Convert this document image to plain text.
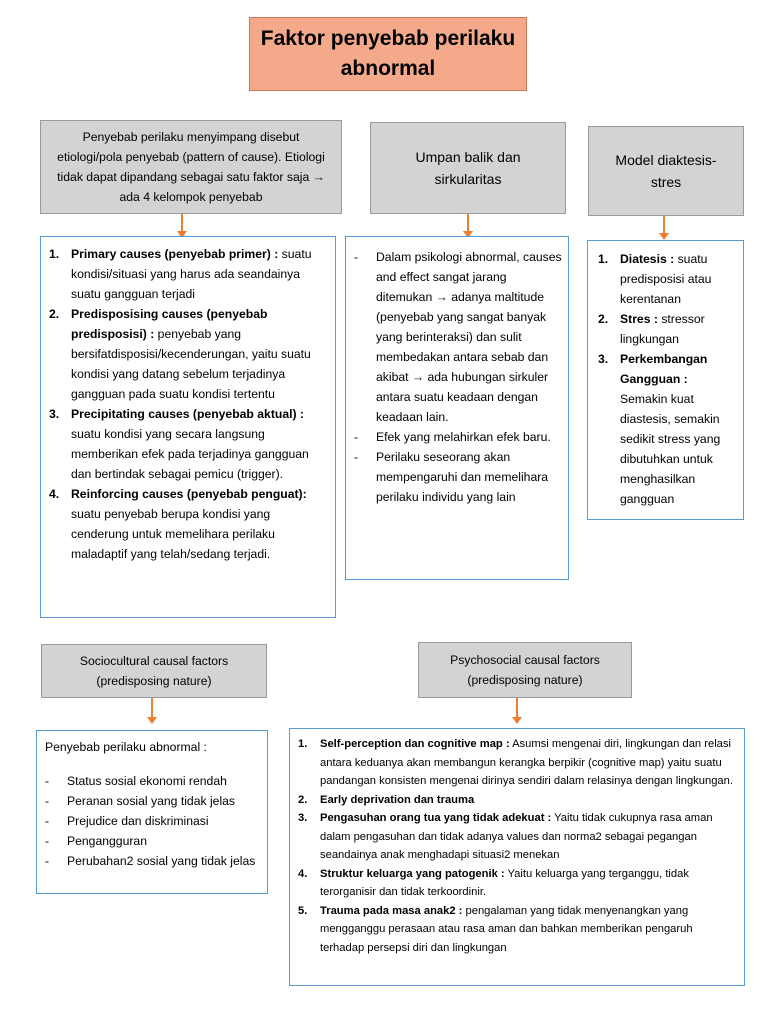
Faktor penyebab perilaku abnormal
Penyebab perilaku menyimpang disebut etiologi/pola penyebab (pattern of cause). Etiologi tidak dapat dipandang sebagai satu faktor saja → ada 4 kelompok penyebab
Primary causes (penyebab primer) : suatu kondisi/situasi yang harus ada seandainya suatu gangguan terjadi
Predisposising causes (penyebab predisposisi) : penyebab yang bersifatdisposisi/kecenderungan, yaitu suatu kondisi yang datang sebelum terjadinya gangguan pada suatu kondisi tertentu
Precipitating causes (penyebab aktual) : suatu kondisi yang secara langsung memberikan efek pada terjadinya gangguan dan bertindak sebagai pemicu (trigger).
Reinforcing causes (penyebab penguat): suatu penyebab berupa kondisi yang cenderung untuk memelihara perilaku maladaptif yang telah/sedang terjadi.
Umpan balik dan sirkularitas
- Dalam psikologi abnormal, causes and effect sangat jarang ditemukan → adanya maltitude (penyebab yang sangat banyak yang berinteraksi) dan sulit membedakan antara sebab dan akibat → ada hubungan sirkuler antara suatu keadaan dengan keadaan lain.
- Efek yang melahirkan efek baru.
- Perilaku seseorang akan mempengaruhi dan memelihara perilaku individu yang lain
Model diaktesis-stres
Diatesis : suatu predisposisi atau kerentanan
Stres : stressor lingkungan
Perkembangan Gangguan : Semakin kuat diastesis, semakin sedikit stress yang dibutuhkan untuk menghasilkan gangguan
Sociocultural causal factors (predisposing nature)
Penyebab perilaku abnormal :
- Status sosial ekonomi rendah
- Peranan sosial yang tidak jelas
- Prejudice dan diskriminasi
- Pengangguran
- Perubahan2 sosial yang tidak jelas
Psychosocial causal factors (predisposing nature)
Self-perception dan cognitive map : Asumsi mengenai diri, lingkungan dan relasi antara keduanya akan membangun kerangka berpikir (cognitive map) yaitu suatu pandangan konsisten mengenai dirinya sendiri dalam relasinya dengan lingkungan.
Early deprivation dan trauma
Pengasuhan orang tua yang tidak adekuat : Yaitu tidak cukupnya rasa aman dalam pengasuhan dan tidak adanya values dan norma2 sebagai pegangan seandainya anak menghadapi situasi2 menekan
Struktur keluarga yang patogenik : Yaitu keluarga yang terganggu, tidak terorganisir dan tidak terkoordinir.
Trauma pada masa anak2 : pengalaman yang tidak menyenangkan yang mengganggu perasaan atau rasa aman dan bahkan memberikan pengaruh terhadap persepsi diri dan lingkungan
